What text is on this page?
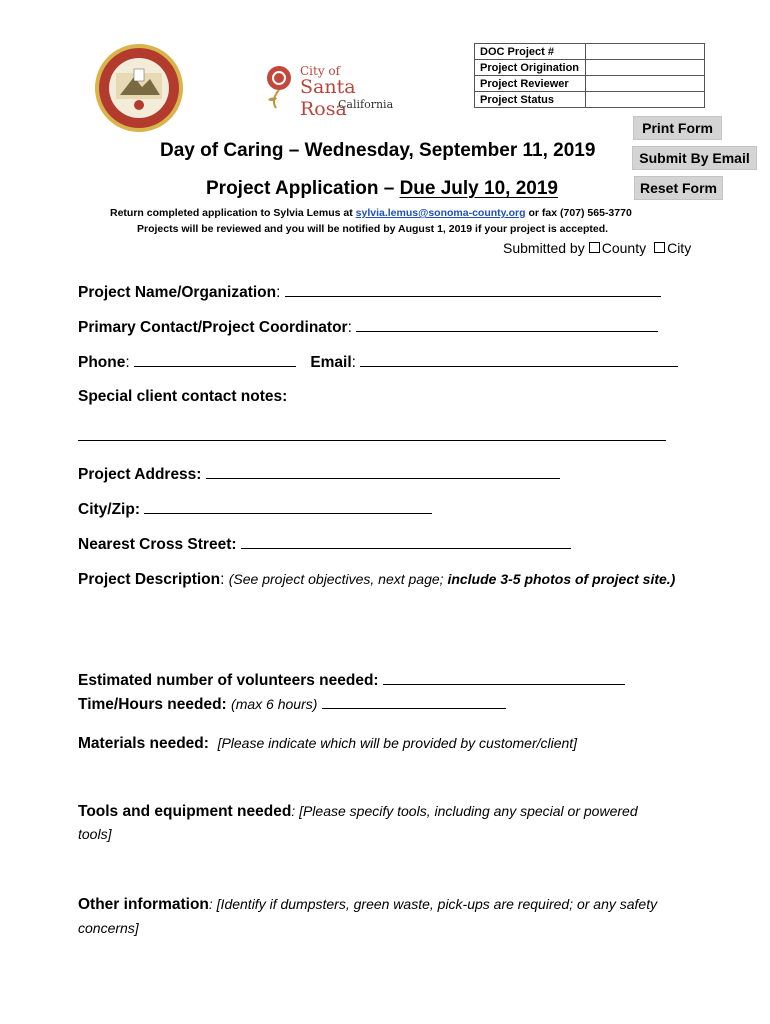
City of
Santa Rosa
California
DOC Project #	
Project Origination	
Project Reviewer	
Project Status	
Print Form
Submit By Email
Reset Form
Day of Caring – Wednesday, September 11, 2019
Project Application – Due July 10, 2019
Return completed application to Sylvia Lemus at sylvia.lemus@sonoma-county.org or fax (707) 565-3770
Projects will be reviewed and you will be notified by August 1, 2019 if your project is accepted.
Submitted by County City
Project Name/Organization:
Primary Contact/Project Coordinator:
Phone:	Email:
Special client contact notes:
Project Address:
City/Zip:
Nearest Cross Street:
Project Description: (See project objectives, next page; include 3-5 photos of project site.)
Estimated number of volunteers needed:
Time/Hours needed: (max 6 hours)
Materials needed: [Please indicate which will be provided by customer/client]
Tools and equipment needed: [Please specify tools, including any special or powered
tools]
Other information: [Identify if dumpsters, green waste, pick-ups are required; or any safety
concerns]
